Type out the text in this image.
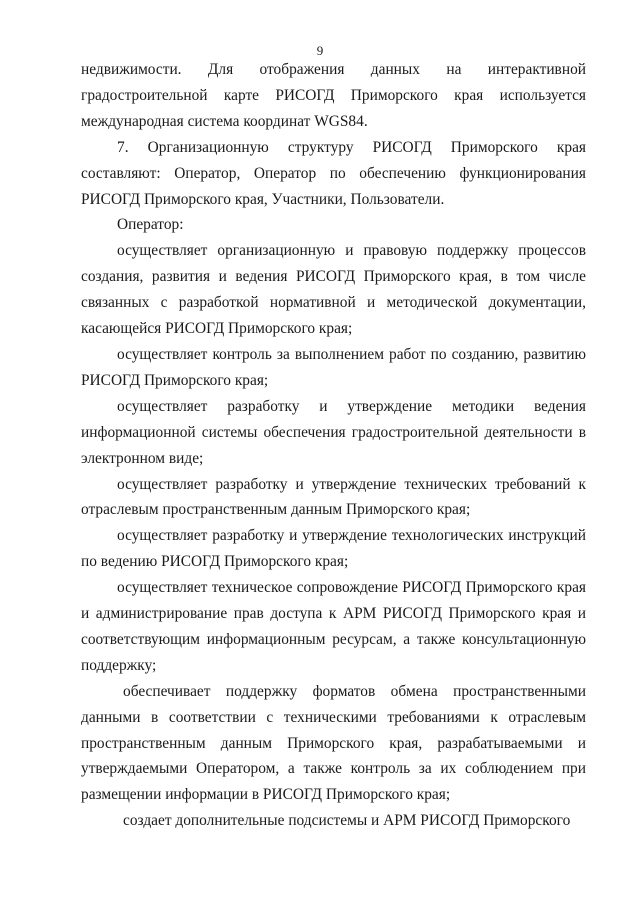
9

недвижимости. Для отображения данных на интерактивной градостроительной карте РИСОГД Приморского края используется международная система координат WGS84.

7. Организационную структуру РИСОГД Приморского края составляют: Оператор, Оператор по обеспечению функционирования РИСОГД Приморского края, Участники, Пользователи.

Оператор:

осуществляет организационную и правовую поддержку процессов создания, развития и ведения РИСОГД Приморского края, в том числе связанных с разработкой нормативной и методической документации, касающейся РИСОГД Приморского края;

осуществляет контроль за выполнением работ по созданию, развитию РИСОГД Приморского края;

осуществляет разработку и утверждение методики ведения информационной системы обеспечения градостроительной деятельности в электронном виде;

осуществляет разработку и утверждение технических требований к отраслевым пространственным данным Приморского края;

осуществляет разработку и утверждение технологических инструкций по ведению РИСОГД Приморского края;

осуществляет техническое сопровождение РИСОГД Приморского края и администрирование прав доступа к АРМ РИСОГД Приморского края и соответствующим информационным ресурсам, а также консультационную поддержку;

обеспечивает поддержку форматов обмена пространственными данными в соответствии с техническими требованиями к отраслевым пространственным данным Приморского края, разрабатываемыми и утверждаемыми Оператором, а также контроль за их соблюдением при размещении информации в РИСОГД Приморского края;

создает дополнительные подсистемы и АРМ РИСОГД Приморского
